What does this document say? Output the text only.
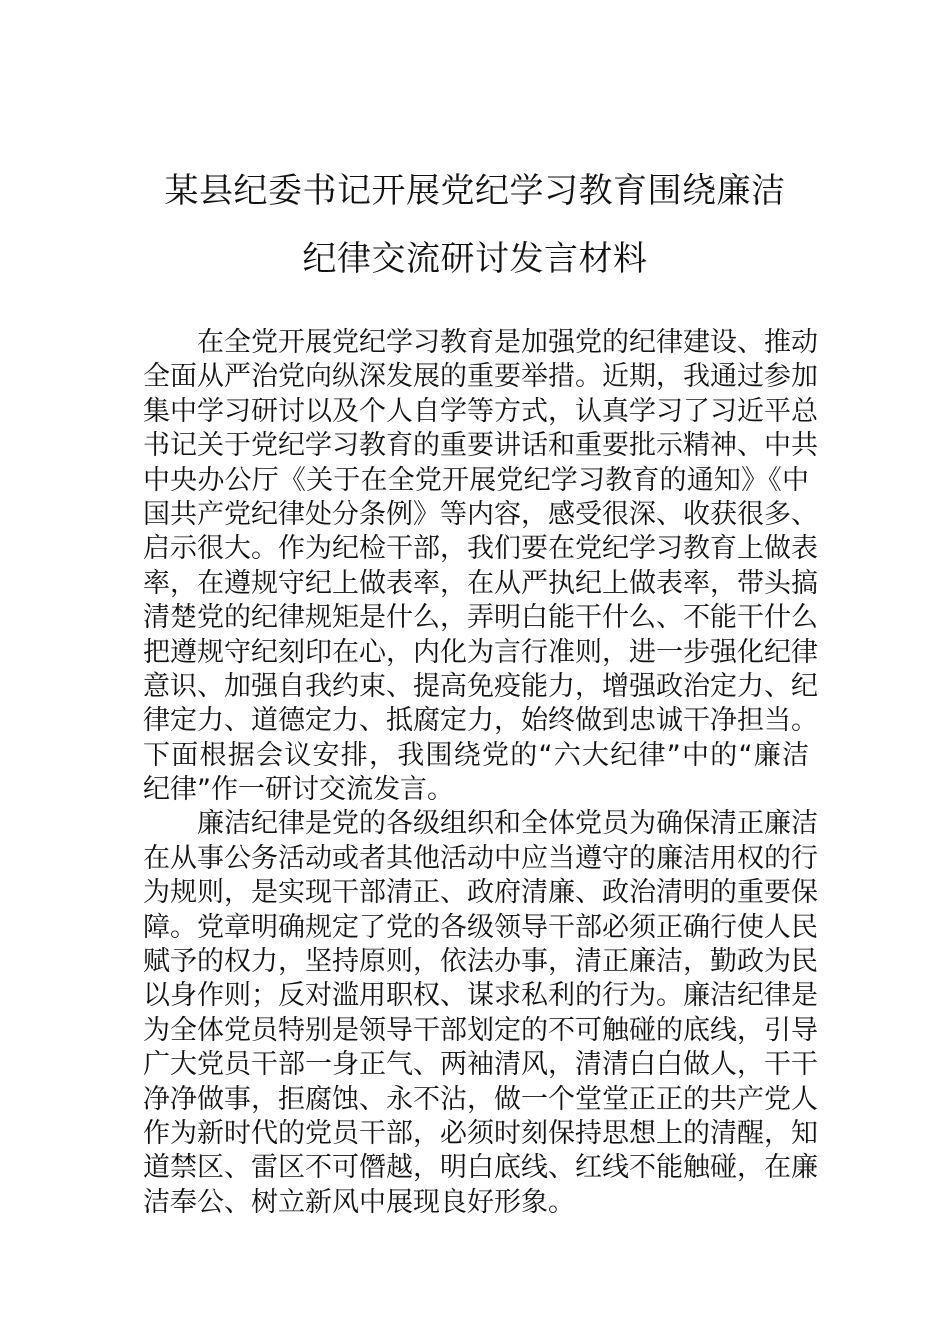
某县纪委书记开展党纪学习教育围绕廉洁
纪律交流研讨发言材料
在全党开展党纪学习教育是加强党的纪律建设、推动
全面从严治党向纵深发展的重要举措。近期，我通过参加
集中学习研讨以及个人自学等方式，认真学习了习近平总
书记关于党纪学习教育的重要讲话和重要批示精神、中共
中央办公厅《关于在全党开展党纪学习教育的通知》《中
国共产党纪律处分条例》等内容，感受很深、收获很多、
启示很大。作为纪检干部，我们要在党纪学习教育上做表
率，在遵规守纪上做表率，在从严执纪上做表率，带头搞
清楚党的纪律规矩是什么，弄明白能干什么、不能干什么
把遵规守纪刻印在心，内化为言行准则，进一步强化纪律
意识、加强自我约束、提高免疫能力，增强政治定力、纪
律定力、道德定力、抵腐定力，始终做到忠诚干净担当。
下面根据会议安排，我围绕党的“六大纪律”中的“廉洁
纪律”作一研讨交流发言。
廉洁纪律是党的各级组织和全体党员为确保清正廉洁
在从事公务活动或者其他活动中应当遵守的廉洁用权的行
为规则，是实现干部清正、政府清廉、政治清明的重要保
障。党章明确规定了党的各级领导干部必须正确行使人民
赋予的权力，坚持原则，依法办事，清正廉洁，勤政为民
以身作则；反对滥用职权、谋求私利的行为。廉洁纪律是
为全体党员特别是领导干部划定的不可触碰的底线，引导
广大党员干部一身正气、两袖清风，清清白白做人，干干
净净做事，拒腐蚀、永不沾，做一个堂堂正正的共产党人
作为新时代的党员干部，必须时刻保持思想上的清醒，知
道禁区、雷区不可僭越，明白底线、红线不能触碰，在廉
洁奉公、树立新风中展现良好形象。
